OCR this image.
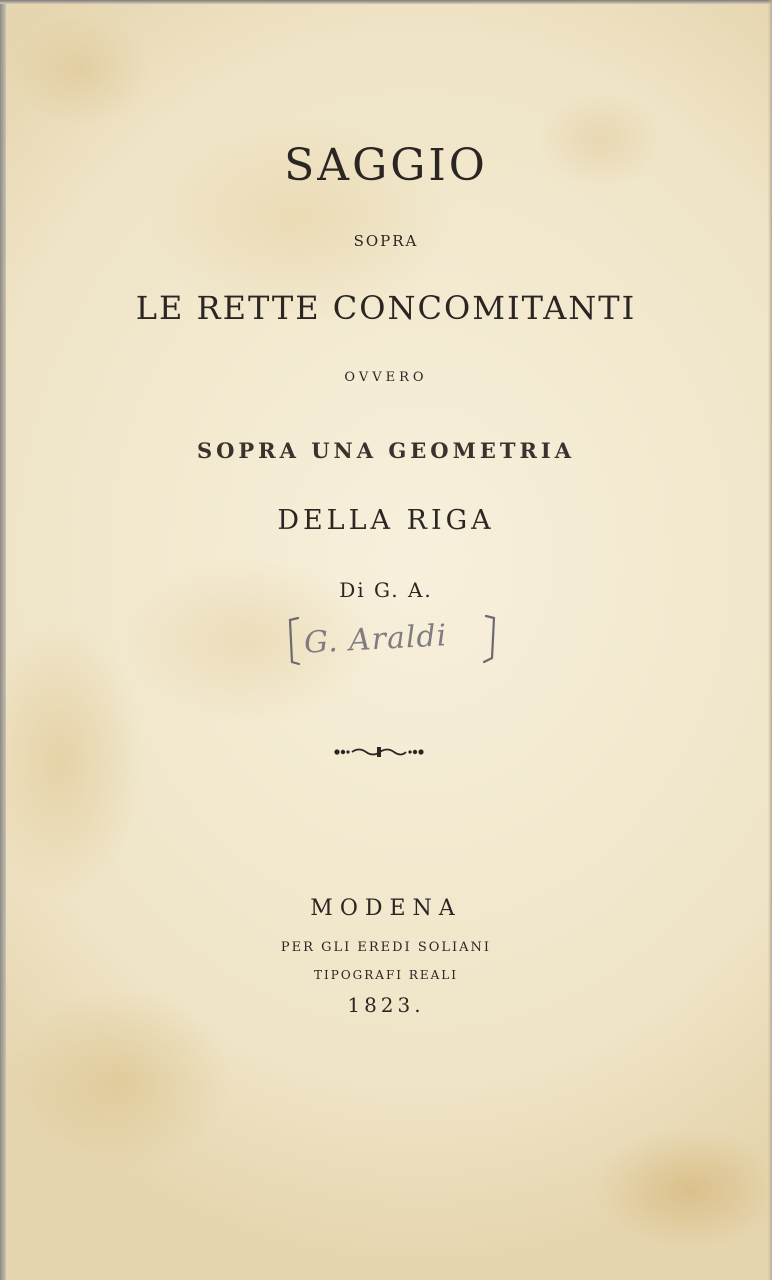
SAGGIO
SOPRA
LE RETTE CONCOMITANTI
OVVERO
SOPRA UNA GEOMETRIA
DELLA RIGA
Di G. A.
G. Araldi
MODENA
PER GLI EREDI SOLIANI
TIPOGRAFI REALI
1823.
